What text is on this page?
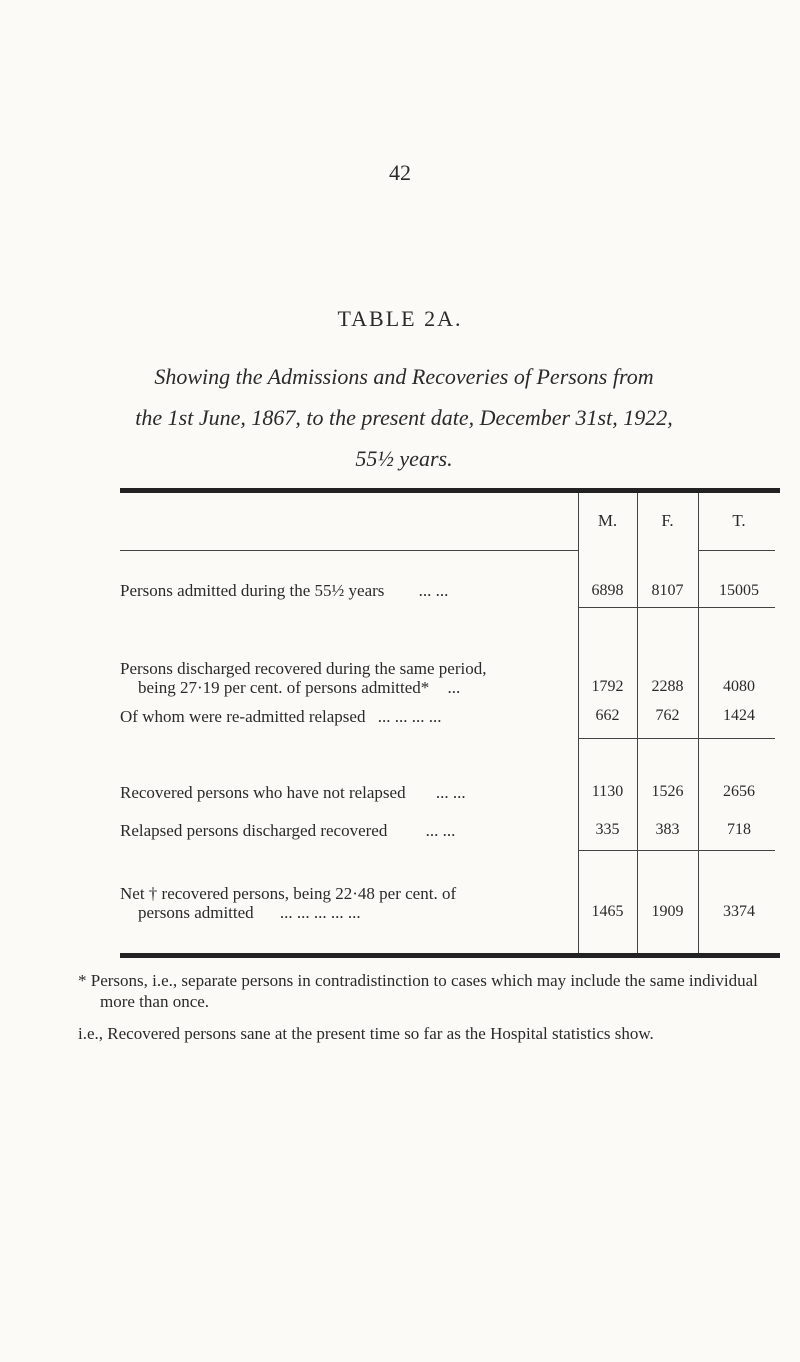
42
TABLE 2A.
Showing the Admissions and Recoveries of Persons from
the 1st June, 1867, to the present date, December 31st, 1922,
55½ years.
M.	F.	T.
Persons admitted during the 55½ years ... ...	6898	8107	15005
Persons discharged recovered during the same period,
being 27·19 per cent. of persons admitted* ...	1792	2288	4080
Of whom were re-admitted relapsed ... ... ... ...	662	762	1424
Recovered persons who have not relapsed ... ...	1130	1526	2656
Relapsed persons discharged recovered ... ...	335	383	718
Net † recovered persons, being 22·48 per cent. of
persons admitted ... ... ... ... ...	1465	1909	3374

* Persons, i.e., separate persons in contradistinction to cases which may include the same individual more than once.

i.e., Recovered persons sane at the present time so far as the Hospital statistics show.
